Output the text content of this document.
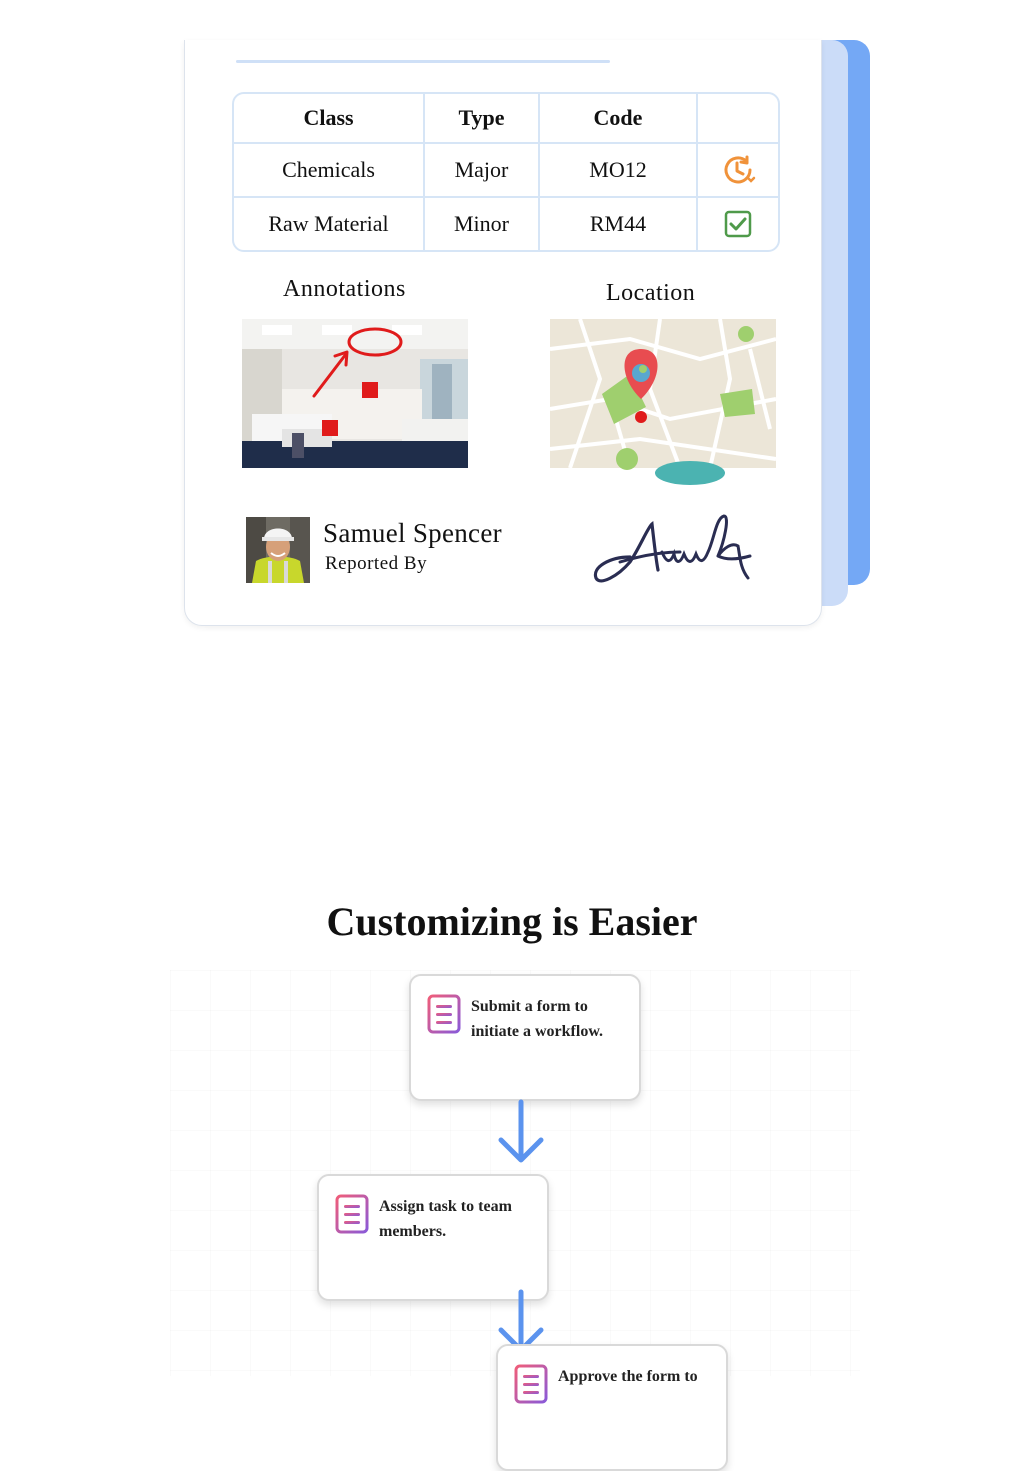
Class	Type	Code	
Chemicals	Major	MO12	

Raw Material	Minor	RM44	
Annotations	Location
Samuel Spencer
Reported By
Customizing is Easier
Submit a form to initiate a workflow.
Assign task to team members.
Approve the form to
